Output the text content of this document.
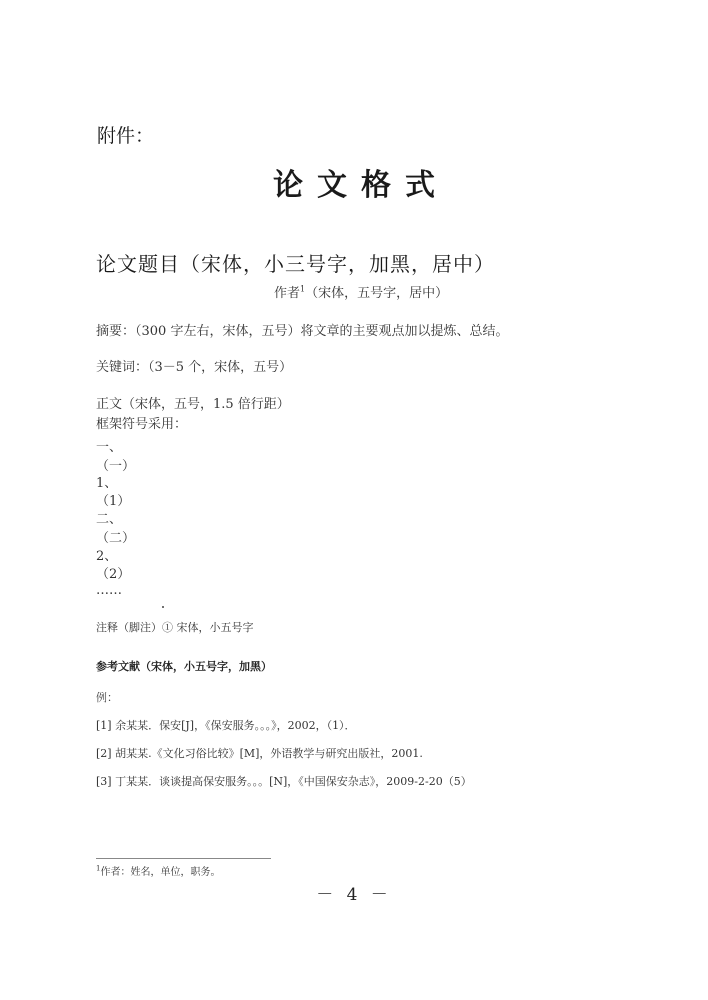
附件：
论文格式
论文题目（宋体，小三号字，加黑，居中）
作者$^1$（宋体，五号字，居中）
摘要：（300 字左右，宋体，五号）将文章的主要观点加以提炼、总结。
关键词：（3－5 个，宋体，五号）
正文（宋体，五号，1.5 倍行距）
框架符号采用：
一、
（一）
1、
（1）
二、
（二）
2、
（2）
……
注释（脚注）① 宋体，小五号字
参考文献（宋体，小五号字，加黑）
例：
[1] 余某某．保安[J]，《保安服务。。。》，2002，（1）．
[2] 胡某某.《文化习俗比较》[M]，外语教学与研究出版社，2001.
[3] 丁某某．谈谈提高保安服务。。。[N]，《中国保安杂志》，2009-2-20（5）
$^1$作者：姓名，单位，职务。
－ 4 －
